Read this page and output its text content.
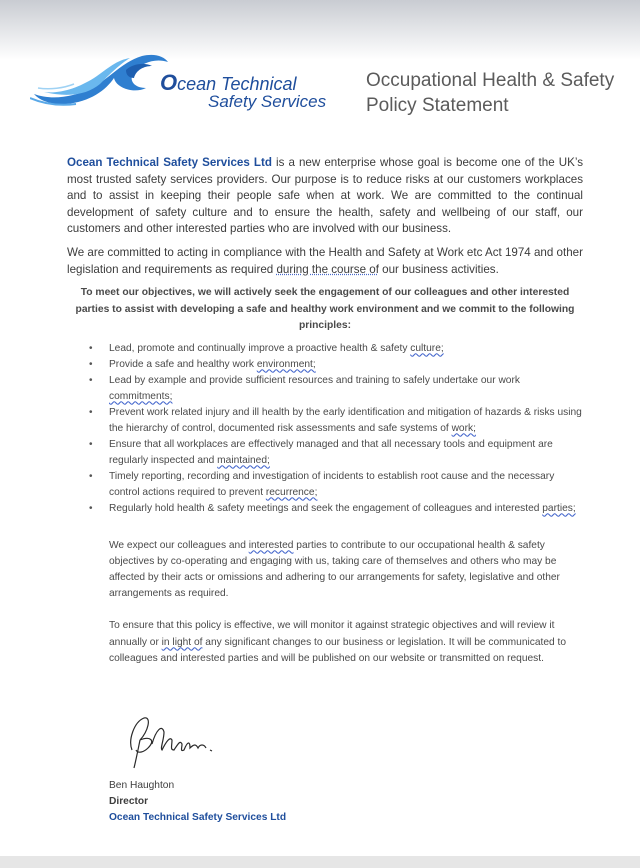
Ocean Technical
Safety Services
Occupational Health & Safety Policy Statement

Ocean Technical Safety Services Ltd is a new enterprise whose goal is become one of the UK’s most trusted safety services providers. Our purpose is to reduce risks at our customers workplaces and to assist in keeping their people safe when at work. We are committed to the continual development of safety culture and to ensure the health, safety and wellbeing of our staff, our customers and other interested parties who are involved with our business.

We are committed to acting in compliance with the Health and Safety at Work etc Act 1974 and other legislation and requirements as required during the course of our business activities.

To meet our objectives, we will actively seek the engagement of our colleagues and other interested parties to assist with developing a safe and healthy work environment and we commit to the following principles:
• Lead, promote and continually improve a proactive health & safety culture;
• Provide a safe and healthy work environment;
• Lead by example and provide sufficient resources and training to safely undertake our work commitments;
• Prevent work related injury and ill health by the early identification and mitigation of hazards & risks using the hierarchy of control, documented risk assessments and safe systems of work;
• Ensure that all workplaces are effectively managed and that all necessary tools and equipment are regularly inspected and maintained;
• Timely reporting, recording and investigation of incidents to establish root cause and the necessary control actions required to prevent recurrence;
• Regularly hold health & safety meetings and seek the engagement of colleagues and interested parties;

We expect our colleagues and interested parties to contribute to our occupational health & safety objectives by co-operating and engaging with us, taking care of themselves and others who may be affected by their acts or omissions and adhering to our arrangements for safety, legislative and other arrangements as required.

To ensure that this policy is effective, we will monitor it against strategic objectives and will review it annually or in light of any significant changes to our business or legislation. It will be communicated to colleagues and interested parties and will be published on our website or transmitted on request.

Ben Haughton
Director
Ocean Technical Safety Services Ltd
